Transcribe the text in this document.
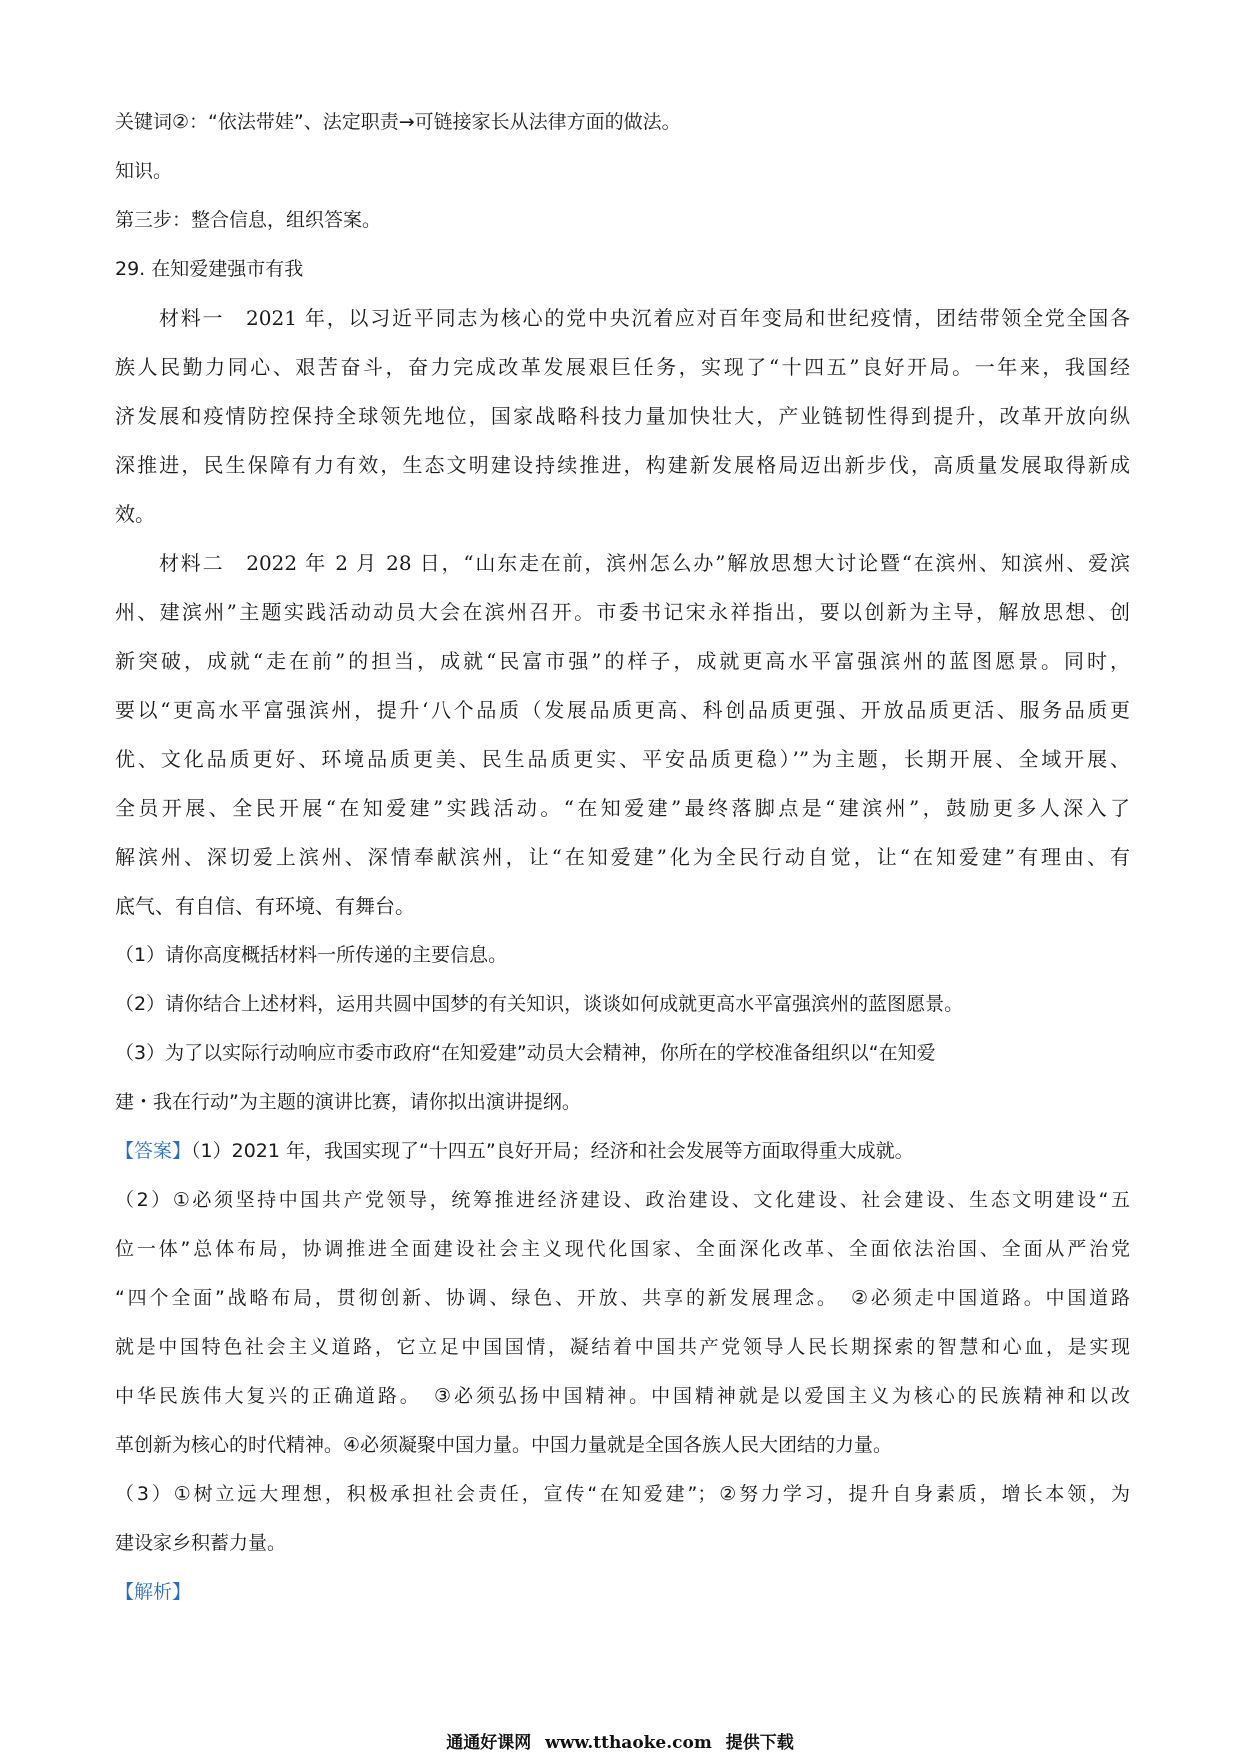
关键词②：“依法带娃”、法定职责→可链接家长从法律方面的做法。
知识。
第三步：整合信息，组织答案。
29. 在知爱建强市有我
材料一　2021 年，以习近平同志为核心的党中央沉着应对百年变局和世纪疫情，团结带领全党全国各
族人民勤力同心、艰苦奋斗，奋力完成改革发展艰巨任务，实现了“十四五”良好开局。一年来，我国经
济发展和疫情防控保持全球领先地位，国家战略科技力量加快壮大，产业链韧性得到提升，改革开放向纵
深推进，民生保障有力有效，生态文明建设持续推进，构建新发展格局迈出新步伐，高质量发展取得新成
效。
材料二　2022 年 2 月 28 日，“山东走在前，滨州怎么办”解放思想大讨论暨“在滨州、知滨州、爱滨
州、建滨州”主题实践活动动员大会在滨州召开。市委书记宋永祥指出，要以创新为主导，解放思想、创
新突破，成就“走在前”的担当，成就“民富市强”的样子，成就更高水平富强滨州的蓝图愿景。同时，
要以“更高水平富强滨州，提升‘八个品质（发展品质更高、科创品质更强、开放品质更活、服务品质更
优、文化品质更好、环境品质更美、民生品质更实、平安品质更稳）’”为主题，长期开展、全域开展、
全员开展、全民开展“在知爱建”实践活动。“在知爱建”最终落脚点是“建滨州”，鼓励更多人深入了
解滨州、深切爱上滨州、深情奉献滨州，让“在知爱建”化为全民行动自觉，让“在知爱建”有理由、有
底气、有自信、有环境、有舞台。
（1）请你高度概括材料一所传递的主要信息。
（2）请你结合上述材料，运用共圆中国梦的有关知识，谈谈如何成就更高水平富强滨州的蓝图愿景。
（3）为了以实际行动响应市委市政府“在知爱建”动员大会精神，你所在的学校准备组织以“在知爱
建・我在行动”为主题的演讲比赛，请你拟出演讲提纲。
【答案】（1）2021 年，我国实现了“十四五”良好开局；经济和社会发展等方面取得重大成就。
（2）①必须坚持中国共产党领导，统筹推进经济建设、政治建设、文化建设、社会建设、生态文明建设“五
位一体”总体布局，协调推进全面建设社会主义现代化国家、全面深化改革、全面依法治国、全面从严治党
“四个全面”战略布局，贯彻创新、协调、绿色、开放、共享的新发展理念。　②必须走中国道路。中国道路
就是中国特色社会主义道路，它立足中国国情，凝结着中国共产党领导人民长期探索的智慧和心血，是实现
中华民族伟大复兴的正确道路。　③必须弘扬中国精神。中国精神就是以爱国主义为核心的民族精神和以改
革创新为核心的时代精神。④必须凝聚中国力量。中国力量就是全国各族人民大团结的力量。
（3）①树立远大理想，积极承担社会责任，宣传“在知爱建”；②努力学习，提升自身素质，增长本领，为
建设家乡积蓄力量。
【解析】
通通好课网 www.tthaoke.com 提供下载
